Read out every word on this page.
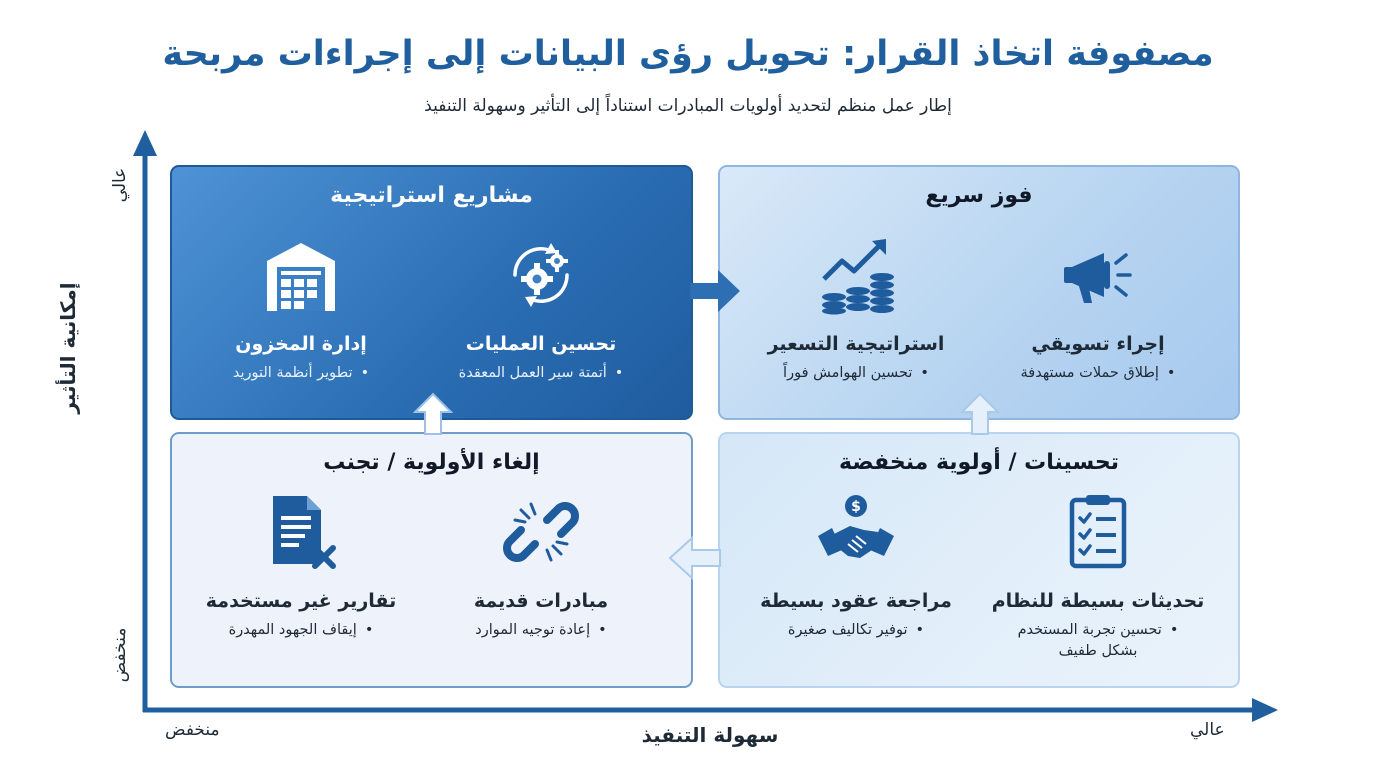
مصفوفة اتخاذ القرار: تحويل رؤى البيانات إلى إجراءات مربحة
إطار عمل منظم لتحديد أولويات المبادرات استناداً إلى التأثير وسهولة التنفيذ
عالي
إمكانية التأثير
منخفض
منخفض	سهولة التنفيذ	عالي
مشاريع استراتيجية
تحسين العمليات
•أتمتة سير العمل المعقدة
إدارة المخزون
•تطوير أنظمة التوريد
فوز سريع
إجراء تسويقي
•إطلاق حملات مستهدفة
استراتيجية التسعير
•تحسين الهوامش فوراً
إلغاء الأولوية / تجنب
مبادرات قديمة
•إعادة توجيه الموارد
تقارير غير مستخدمة
•إيقاف الجهود المهدرة
تحسينات / أولوية منخفضة
تحديثات بسيطة للنظام
•تحسين تجربة المستخدم بشكل طفيف
$
مراجعة عقود بسيطة
•توفير تكاليف صغيرة
